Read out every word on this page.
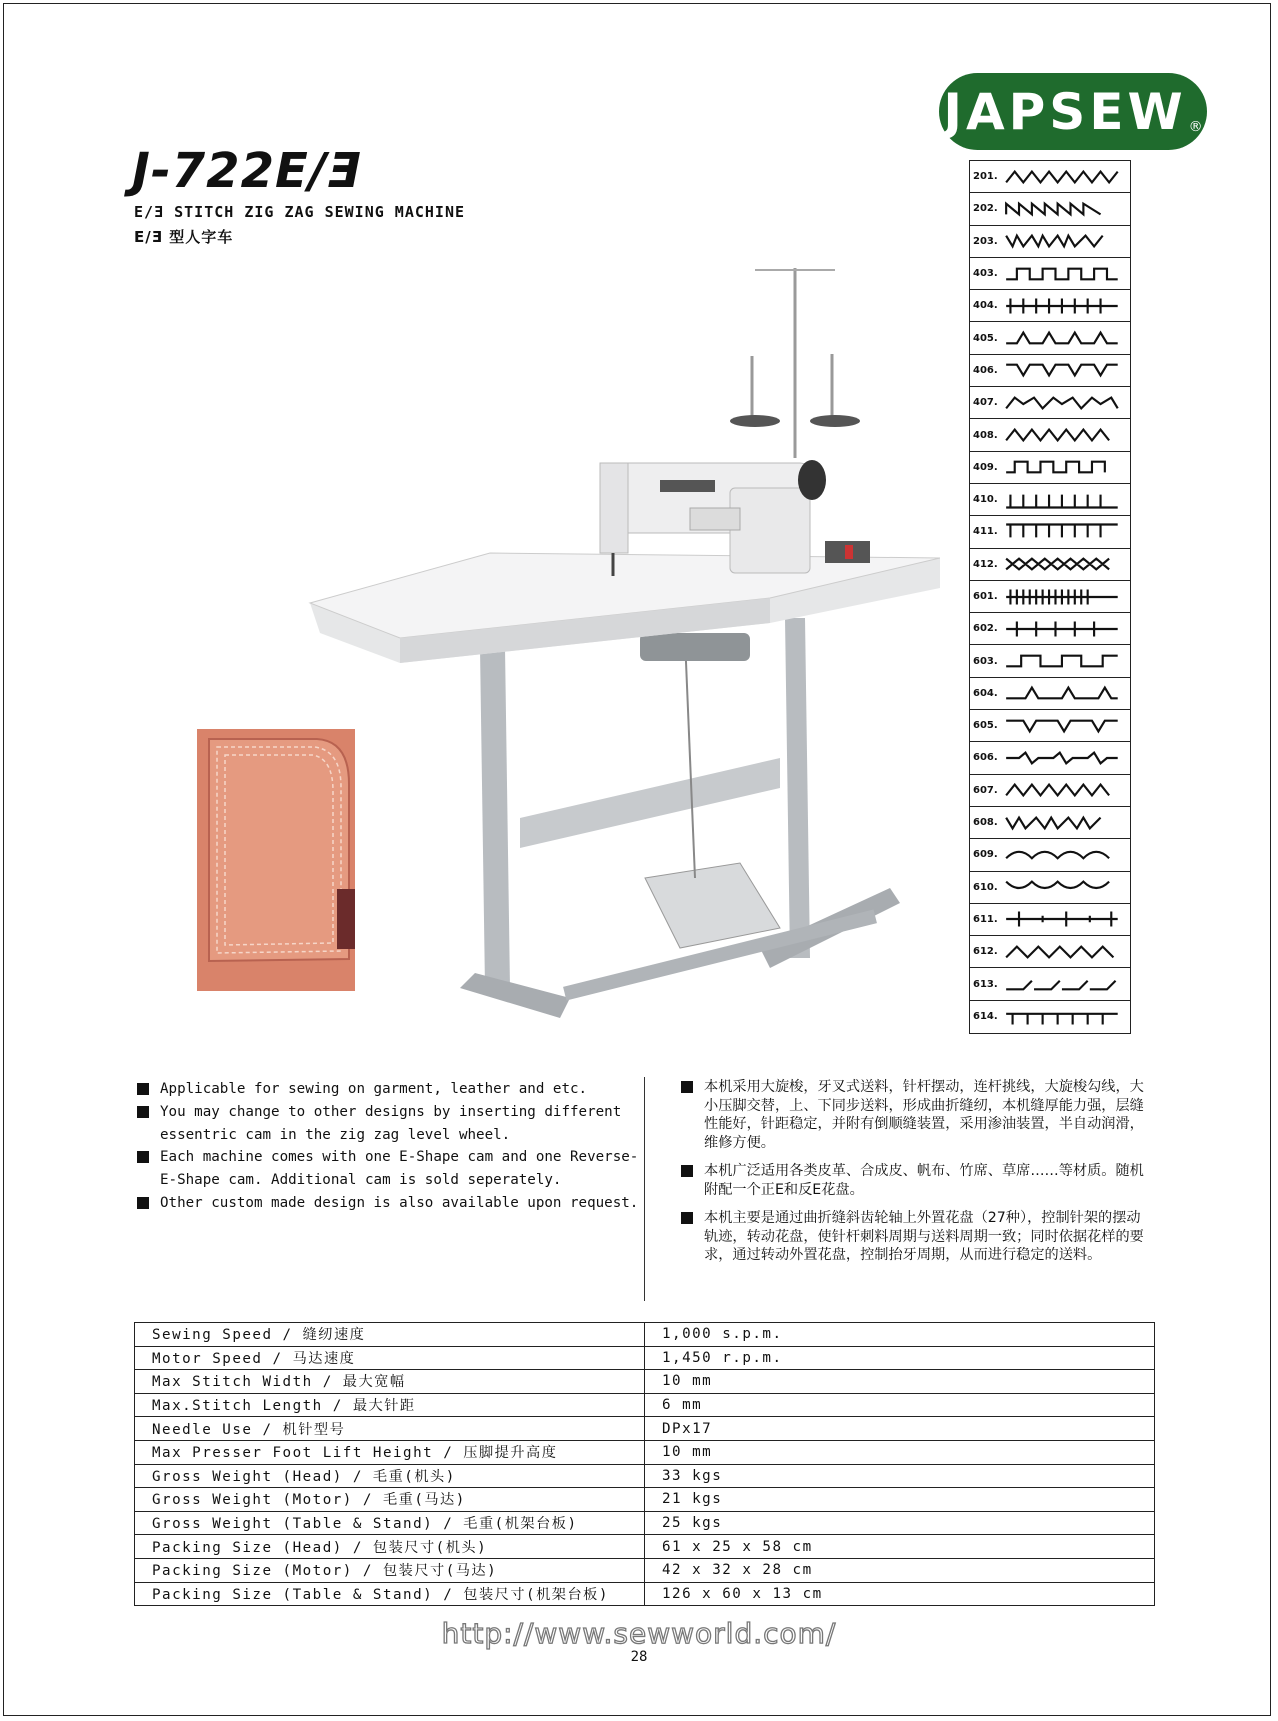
J-722E/Ǝ
E/Ǝ STITCH ZIG ZAG SEWING MACHINE
E/Ǝ 型人字车
JAPSEW ®
201.
202.
203.
403.
404.
405.
406.
407.
408.
409.
410.
411.
412.
601.
602.
603.
604.
605.
606.
607.
608.
609.
610.
611.
612.
613.
614.
Applicable for sewing on garment, leather and etc.
You may change to other designs by inserting different essentric cam in the zig zag level wheel.
Each machine comes with one E-Shape cam and one Reverse-E-Shape cam. Additional cam is sold seperately.
Other custom made design is also available upon request.
本机采用大旋梭，牙叉式送料，针杆摆动，连杆挑线，大旋梭勾线，大小压脚交替，上、下同步送料，形成曲折缝纫，本机缝厚能力强，层缝性能好，针距稳定，并附有倒顺缝装置，采用渗油装置，半自动润滑，维修方便。
本机广泛适用各类皮革、合成皮、帆布、竹席、草席……等材质。随机附配一个正E和反E花盘。
本机主要是通过曲折缝斜齿轮轴上外置花盘（27种），控制针架的摆动轨迹，转动花盘，使针杆刺料周期与送料周期一致；同时依据花样的要求，通过转动外置花盘，控制抬牙周期，从而进行稳定的送料。
Sewing Speed / 缝纫速度	1,000 s.p.m.
Motor Speed / 马达速度	1,450 r.p.m.
Max Stitch Width / 最大宽幅	10 mm
Max.Stitch Length / 最大针距	6 mm
Needle Use / 机针型号	DPx17
Max Presser Foot Lift Height / 压脚提升高度	10 mm
Gross Weight (Head) / 毛重(机头)	33 kgs
Gross Weight (Motor) / 毛重(马达)	21 kgs
Gross Weight (Table & Stand) / 毛重(机架台板)	25 kgs
Packing Size (Head) / 包装尺寸(机头)	61 x 25 x 58 cm
Packing Size (Motor) / 包装尺寸(马达)	42 x 32 x 28 cm
Packing Size (Table & Stand) / 包装尺寸(机架台板)	126 x 60 x 13 cm
http://www.sewworld.com/
28
